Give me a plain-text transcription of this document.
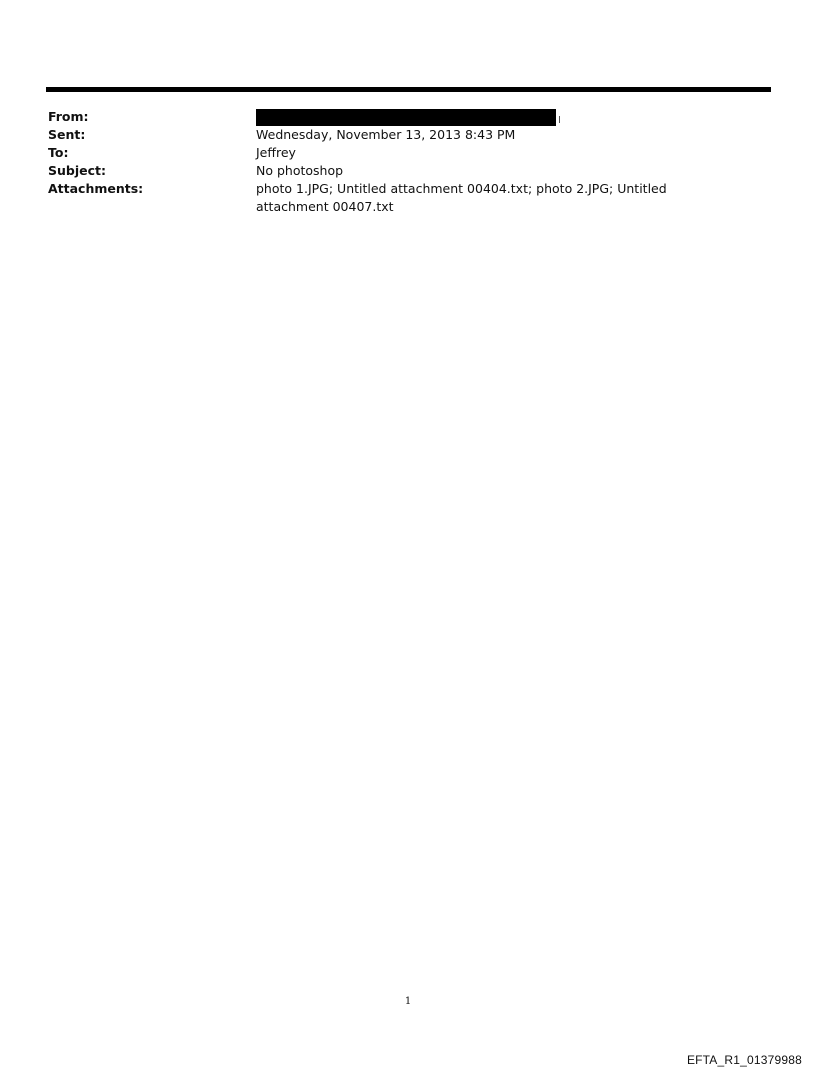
From:
Sent:	Wednesday, November 13, 2013 8:43 PM
To:	Jeffrey
Subject:	No photoshop
Attachments:	photo 1.JPG; Untitled attachment 00404.txt; photo 2.JPG; Untitled attachment 00407.txt
1
EFTA_R1_01379988
